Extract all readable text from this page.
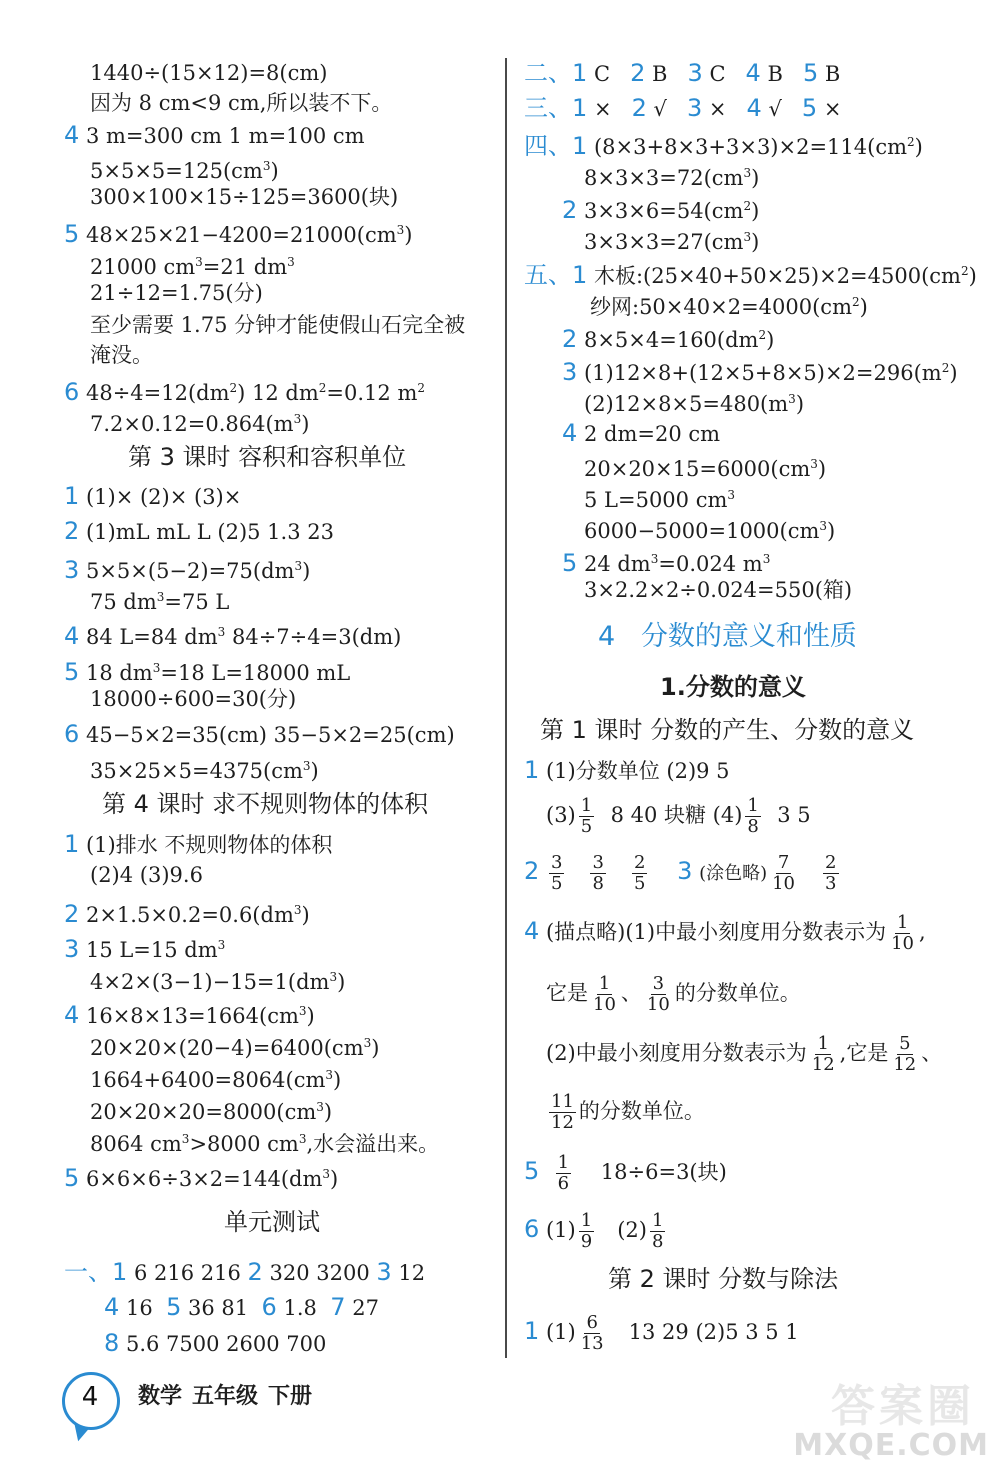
1440÷(15×12)=8(cm)
因为 8 cm<9 cm,所以装不下。
4 3 m=300 cm 1 m=100 cm
$5\times 5\times 5=125(cm^3)$
300×100×15÷125=3600(块)
5 $48\times 25\times 21-4200=21000(cm^3)$
21000 $cm^3=21$ $dm^3$
21÷12=1.75(分)
至少需要 1.75 分钟才能使假山石完全被
淹没。
6 $48\div 4=12(dm^2)$ 12 $dm^2=0.12$ $m^2$
$7.2\times 0.12=0.864(m^3)$
第 3 课时 容积和容积单位
1 (1)× (2)× (3)×
2 (1)mL mL L (2)5 1.3 23
3 $5\times 5\times(5-2)=75(dm^3)$
75 $dm^3=75$ L
4 84 L=84 $dm^3$ 84÷7÷4=3(dm)
5 18 $dm^3=18$ L=18000 mL
18000÷600=30(分)
6 45−5×2=35(cm) 35−5×2=25(cm)
$35\times 25\times 5=4375(cm^3)$
第 4 课时 求不规则物体的体积
1 (1)排水 不规则物体的体积
(2)4 (3)9.6
2 $2\times 1.5\times 0.2=0.6(dm^3)$
3 15 L=15 $dm^3$
$4\times 2\times(3-1)-15=1(dm^3)$
4 $16\times 8\times 13=1664(cm^3)$
$20\times 20\times(20-4)=6400(cm^3)$
$1664+6400=8064(cm^3)$
$20\times 20\times 20=8000(cm^3)$
8064 $cm^3>8000$ $cm^3$,水会溢出来。
5 $6\times 6\times 6\div 3\times 2=144(dm^3)$
单元测试
一、1 6 216 216 2 320 3200 3 12
4 16 5 36 81 6 1.8 7 27
8 5.6 7500 2600 700
二、1 C   2 B   3 C   4 B   5 B
三、1 ×   2 √   3 ×   4 √   5 ×
四、1 $(8\times 3+8\times 3+3\times 3)\times 2=114(cm^2)$
$8\times 3\times 3=72(cm^3)$
2 $3\times 3\times 6=54(cm^2)$
$3\times 3\times 3=27(cm^3)$
五、1 木板$:(25\times 40+50\times 25)\times 2=4500(cm^2)$
纱网$:50\times 40\times 2=4000(cm^2)$
2 $8\times 5\times 4=160(dm^2)$
3 $(1)12\times 8+(12\times 5+8\times 5)\times 2=296(m^2)$
$(2)12\times 8\times 5=480(m^3)$
4 2 dm=20 cm
$20\times 20\times 15=6000(cm^3)$
5 L=5000 $cm^3$
$6000-5000=1000(cm^3)$
5 24 $dm^3=0.024$ $m^3$
3×2.2×2÷0.024=550(箱)
4 分数的意义和性质
1.分数的意义
第 1 课时 分数的产生、分数的意义
1 (1)分数单位 (2)9 5
$(3) \frac{1}{5} 8$ 40 块糖 $(4) \frac{1}{8} 3$ 5
$2 \frac{3}{5}$
$\frac{3}{8}$
$\frac{2}{5} 3$ (涂色略) $\frac{7}{10}$
$\frac{2}{3}$
4 (描点略)(1)中最小刻度用分数表示为 $\frac{1}{10}$ ,
它是 $\frac{1}{10}$ 、 $\frac{3}{10}$ 的分数单位。
(2)中最小刻度用分数表示为 $\frac{1}{12}$ ,它是 $\frac{5}{12}$ 、
$\frac{11}{12}$ 的分数单位。
$5 \frac{1}{6} 18\div 6=3$(块)
6 $(1) \frac{1}{9} (2) \frac{1}{8}$
第 2 课时 分数与除法
1 $(1) \frac{6}{13} 13$ 29 (2)5 3 5 1
4	数学 五年级 下册	答案圈
MXQE.COM
